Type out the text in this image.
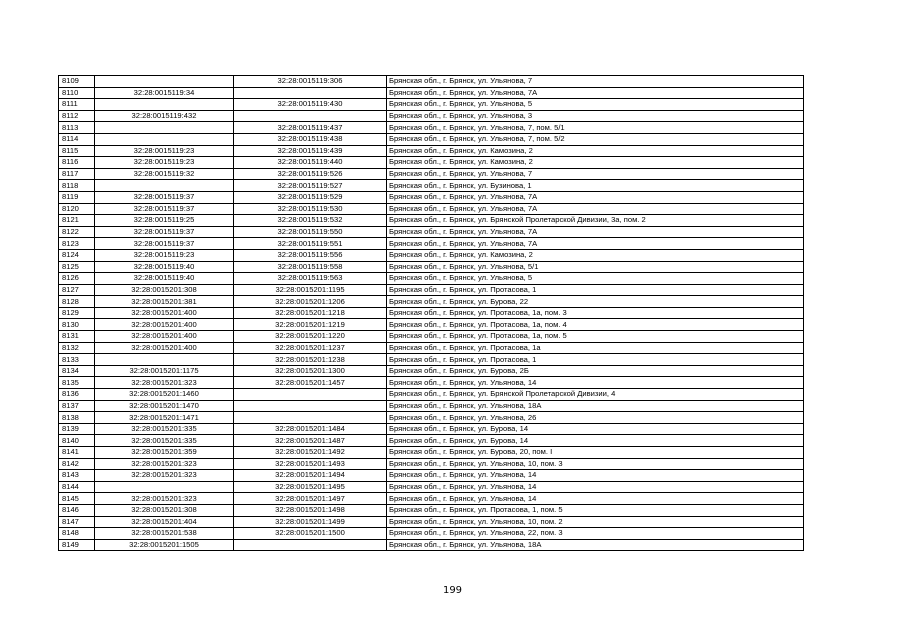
8109		32:28:0015119:306	Брянская обл., г. Брянск, ул. Ульянова, 7
8110	32:28:0015119:34		Брянская обл., г. Брянск, ул. Ульянова, 7А
8111		32:28:0015119:430	Брянская обл., г. Брянск, ул. Ульянова, 5
8112	32:28:0015119:432		Брянская обл., г. Брянск, ул. Ульянова, 3
8113		32:28:0015119:437	Брянская обл., г. Брянск, ул. Ульянова, 7, пом. 5/1
8114		32:28:0015119:438	Брянская обл., г. Брянск, ул. Ульянова, 7, пом. 5/2
8115	32:28:0015119:23	32:28:0015119:439	Брянская обл., г. Брянск, ул. Камозина, 2
8116	32:28:0015119:23	32:28:0015119:440	Брянская обл., г. Брянск, ул. Камозина, 2
8117	32:28:0015119:32	32:28:0015119:526	Брянская обл., г. Брянск, ул. Ульянова, 7
8118		32:28:0015119:527	Брянская обл., г. Брянск, ул. Бузинова, 1
8119	32:28:0015119:37	32:28:0015119:529	Брянская обл., г. Брянск, ул. Ульянова, 7А
8120	32:28:0015119:37	32:28:0015119:530	Брянская обл., г. Брянск, ул. Ульянова, 7А
8121	32:28:0015119:25	32:28:0015119:532	Брянская обл., г. Брянск, ул. Брянской Пролетарской Дивизии, 3а, пом. 2
8122	32:28:0015119:37	32:28:0015119:550	Брянская обл., г. Брянск, ул. Ульянова, 7А
8123	32:28:0015119:37	32:28:0015119:551	Брянская обл., г. Брянск, ул. Ульянова, 7А
8124	32:28:0015119:23	32:28:0015119:556	Брянская обл., г. Брянск, ул. Камозина, 2
8125	32:28:0015119:40	32:28:0015119:558	Брянская обл., г. Брянск, ул. Ульянова, 5/1
8126	32:28:0015119:40	32:28:0015119:563	Брянская обл., г. Брянск, ул. Ульянова, 5
8127	32:28:0015201:308	32:28:0015201:1195	Брянская обл., г. Брянск, ул. Протасова, 1
8128	32:28:0015201:381	32:28:0015201:1206	Брянская обл., г. Брянск, ул. Бурова, 22
8129	32:28:0015201:400	32:28:0015201:1218	Брянская обл., г. Брянск, ул. Протасова, 1а, пом. 3
8130	32:28:0015201:400	32:28:0015201:1219	Брянская обл., г. Брянск, ул. Протасова, 1а, пом. 4
8131	32:28:0015201:400	32:28:0015201:1220	Брянская обл., г. Брянск, ул. Протасова, 1а, пом. 5
8132	32:28:0015201:400	32:28:0015201:1237	Брянская обл., г. Брянск, ул. Протасова, 1а
8133		32:28:0015201:1238	Брянская обл., г. Брянск, ул. Протасова, 1
8134	32:28:0015201:1175	32:28:0015201:1300	Брянская обл., г. Брянск, ул. Бурова, 2Б
8135	32:28:0015201:323	32:28:0015201:1457	Брянская обл., г. Брянск, ул. Ульянова, 14
8136	32:28:0015201:1460		Брянская обл., г. Брянск, ул. Брянской Пролетарской Дивизии, 4
8137	32:28:0015201:1470		Брянская обл., г. Брянск, ул. Ульянова, 18А
8138	32:28:0015201:1471		Брянская обл., г. Брянск, ул. Ульянова, 26
8139	32:28:0015201:335	32:28:0015201:1484	Брянская обл., г. Брянск, ул. Бурова, 14
8140	32:28:0015201:335	32:28:0015201:1487	Брянская обл., г. Брянск, ул. Бурова, 14
8141	32:28:0015201:359	32:28:0015201:1492	Брянская обл., г. Брянск, ул. Бурова, 20, пом. I
8142	32:28:0015201:323	32:28:0015201:1493	Брянская обл., г. Брянск, ул. Ульянова, 10, пом. 3
8143	32:28:0015201:323	32:28:0015201:1494	Брянская обл., г. Брянск, ул. Ульянова, 14
8144		32:28:0015201:1495	Брянская обл., г. Брянск, ул. Ульянова, 14
8145	32:28:0015201:323	32:28:0015201:1497	Брянская обл., г. Брянск, ул. Ульянова, 14
8146	32:28:0015201:308	32:28:0015201:1498	Брянская обл., г. Брянск, ул. Протасова, 1, пом. 5
8147	32:28:0015201:404	32:28:0015201:1499	Брянская обл., г. Брянск, ул. Ульянова, 10, пом. 2
8148	32:28:0015201:538	32:28:0015201:1500	Брянская обл., г. Брянск, ул. Ульянова, 22, пом. 3
8149	32:28:0015201:1505		Брянская обл., г. Брянск, ул. Ульянова, 18А
199
